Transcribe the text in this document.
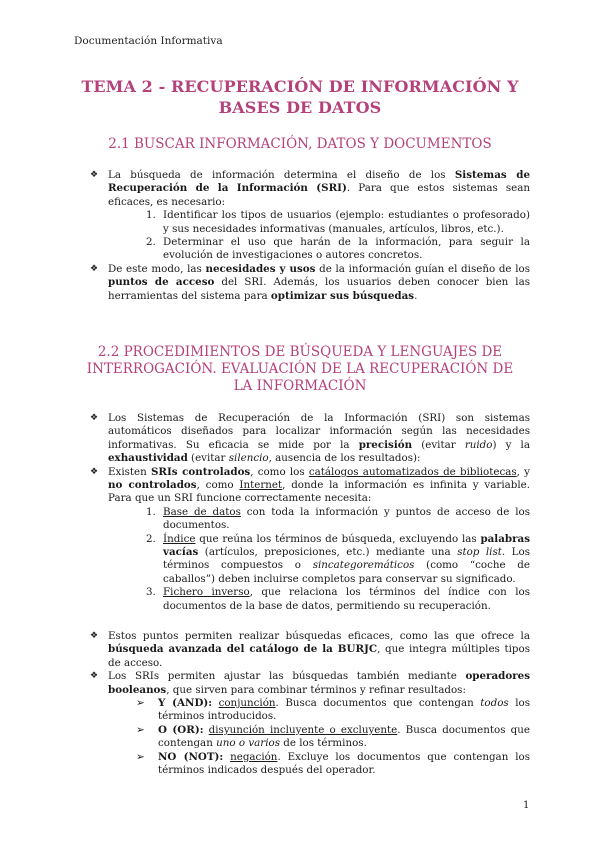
Documentación Informativa
TEMA 2 - RECUPERACIÓN DE INFORMACIÓN Y
BASES DE DATOS
2.1 BUSCAR INFORMACIÓN, DATOS Y DOCUMENTOS
❖ La búsqueda de información determina el diseño de los Sistemas de Recuperación de la Información (SRI). Para que estos sistemas sean eficaces, es necesario:
1. Identificar los tipos de usuarios (ejemplo: estudiantes o profesorado) y sus necesidades informativas (manuales, artículos, libros, etc.).
2. Determinar el uso que harán de la información, para seguir la evolución de investigaciones o autores concretos.
❖ De este modo, las necesidades y usos de la información guían el diseño de los puntos de acceso del SRI. Además, los usuarios deben conocer bien las herramientas del sistema para optimizar sus búsquedas.
2.2 PROCEDIMIENTOS DE BÚSQUEDA Y LENGUAJES DE
INTERROGACIÓN. EVALUACIÓN DE LA RECUPERACIÓN DE
LA INFORMACIÓN
❖ Los Sistemas de Recuperación de la Información (SRI) son sistemas automáticos diseñados para localizar información según las necesidades informativas. Su eficacia se mide por la precisión (evitar ruido) y la exhaustividad (evitar silencio, ausencia de los resultados):
❖ Existen SRIs controlados, como los catálogos automatizados de bibliotecas, y no controlados, como Internet, donde la información es infinita y variable. Para que un SRI funcione correctamente necesita:
1. Base de datos con toda la información y puntos de acceso de los documentos.
2. Índice que reúna los términos de búsqueda, excluyendo las palabras vacías (artículos, preposiciones, etc.) mediante una stop list. Los términos compuestos o sincategoremáticos (como “coche de caballos”) deben incluirse completos para conservar su significado.
3. Fichero inverso, que relaciona los términos del índice con los documentos de la base de datos, permitiendo su recuperación.
❖ Estos puntos permiten realizar búsquedas eficaces, como las que ofrece la búsqueda avanzada del catálogo de la BURJC, que integra múltiples tipos de acceso.
❖ Los SRIs permiten ajustar las búsquedas también mediante operadores booleanos, que sirven para combinar términos y refinar resultados:
➢ Y (AND): conjunción. Busca documentos que contengan todos los términos introducidos.
➢ O (OR): disyunción incluyente o excluyente. Busca documentos que contengan uno o varios de los términos.
➢ NO (NOT): negación. Excluye los documentos que contengan los términos indicados después del operador.
1
